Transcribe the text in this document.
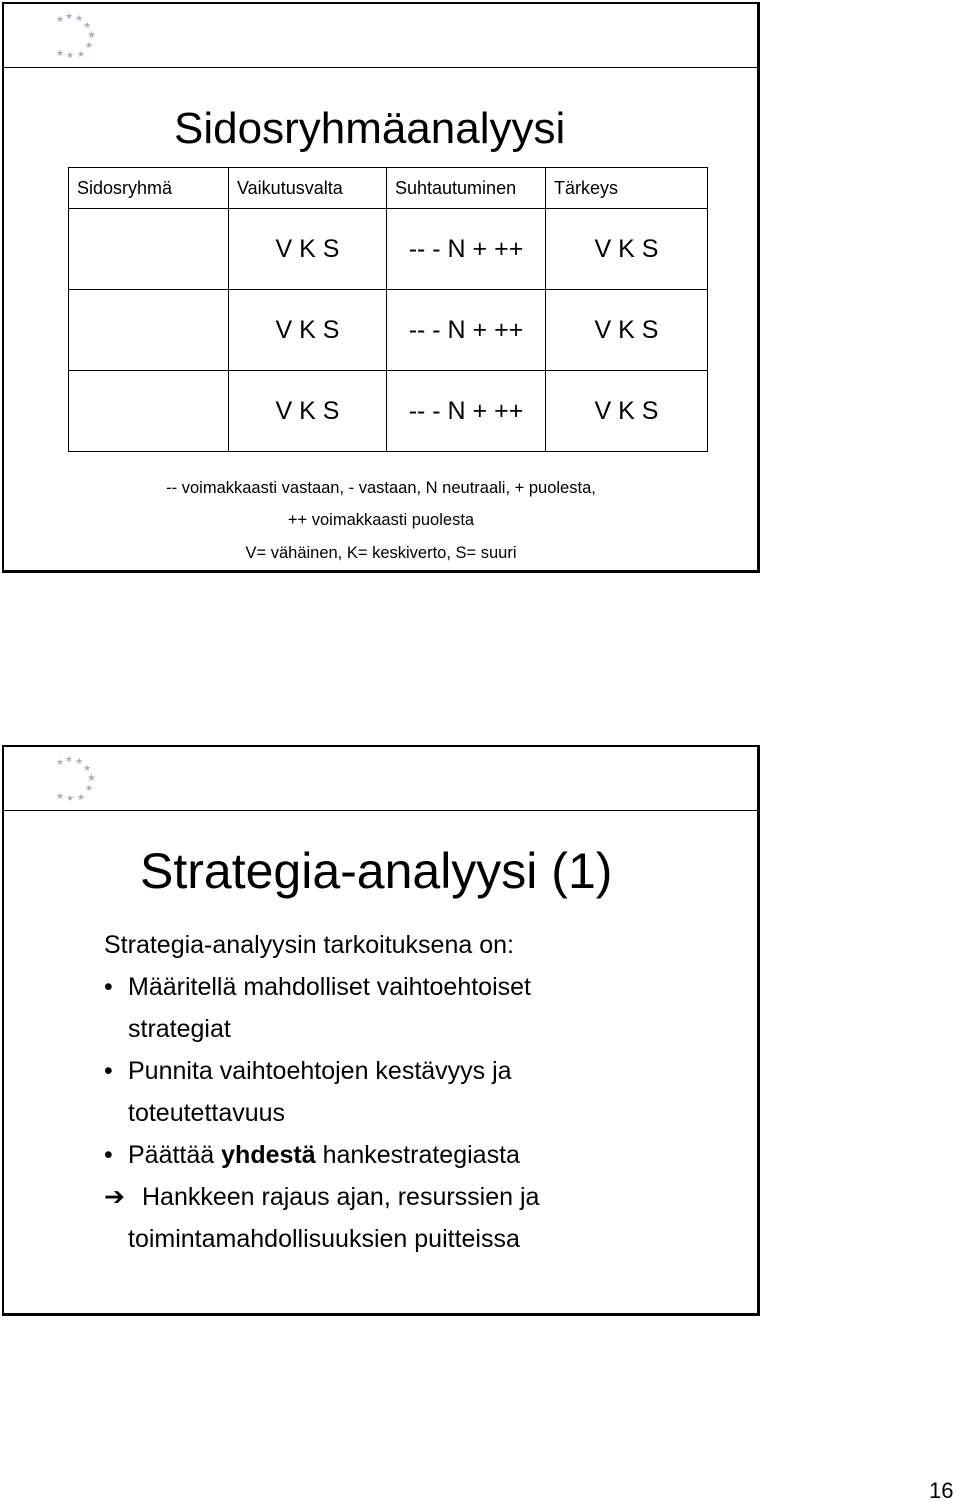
★ ★ ★
★
★
★
★
★
★
Sidosryhmäanalyysi
Sidosryhmä	Vaikutusvalta	Suhtautuminen	Tärkeys
	V K S	-- - N + ++	V K S
	V K S	-- - N + ++	V K S
	V K S	-- - N + ++	V K S
-- voimakkaasti vastaan, - vastaan, N neutraali, + puolesta,
++ voimakkaasti puolesta
V= vähäinen, K= keskiverto, S= suuri
★ ★ ★
★
★
★
★
★
★
Strategia-analyysi (1)
Strategia-analyysin tarkoituksena on:
• Määritellä mahdolliset vaihtoehtoiset
strategiat
• Punnita vaihtoehtojen kestävyys ja
toteutettavuus
• Päättää yhdestä hankestrategiasta
➔ Hankkeen rajaus ajan, resurssien ja
toimintamahdollisuuksien puitteissa
16
